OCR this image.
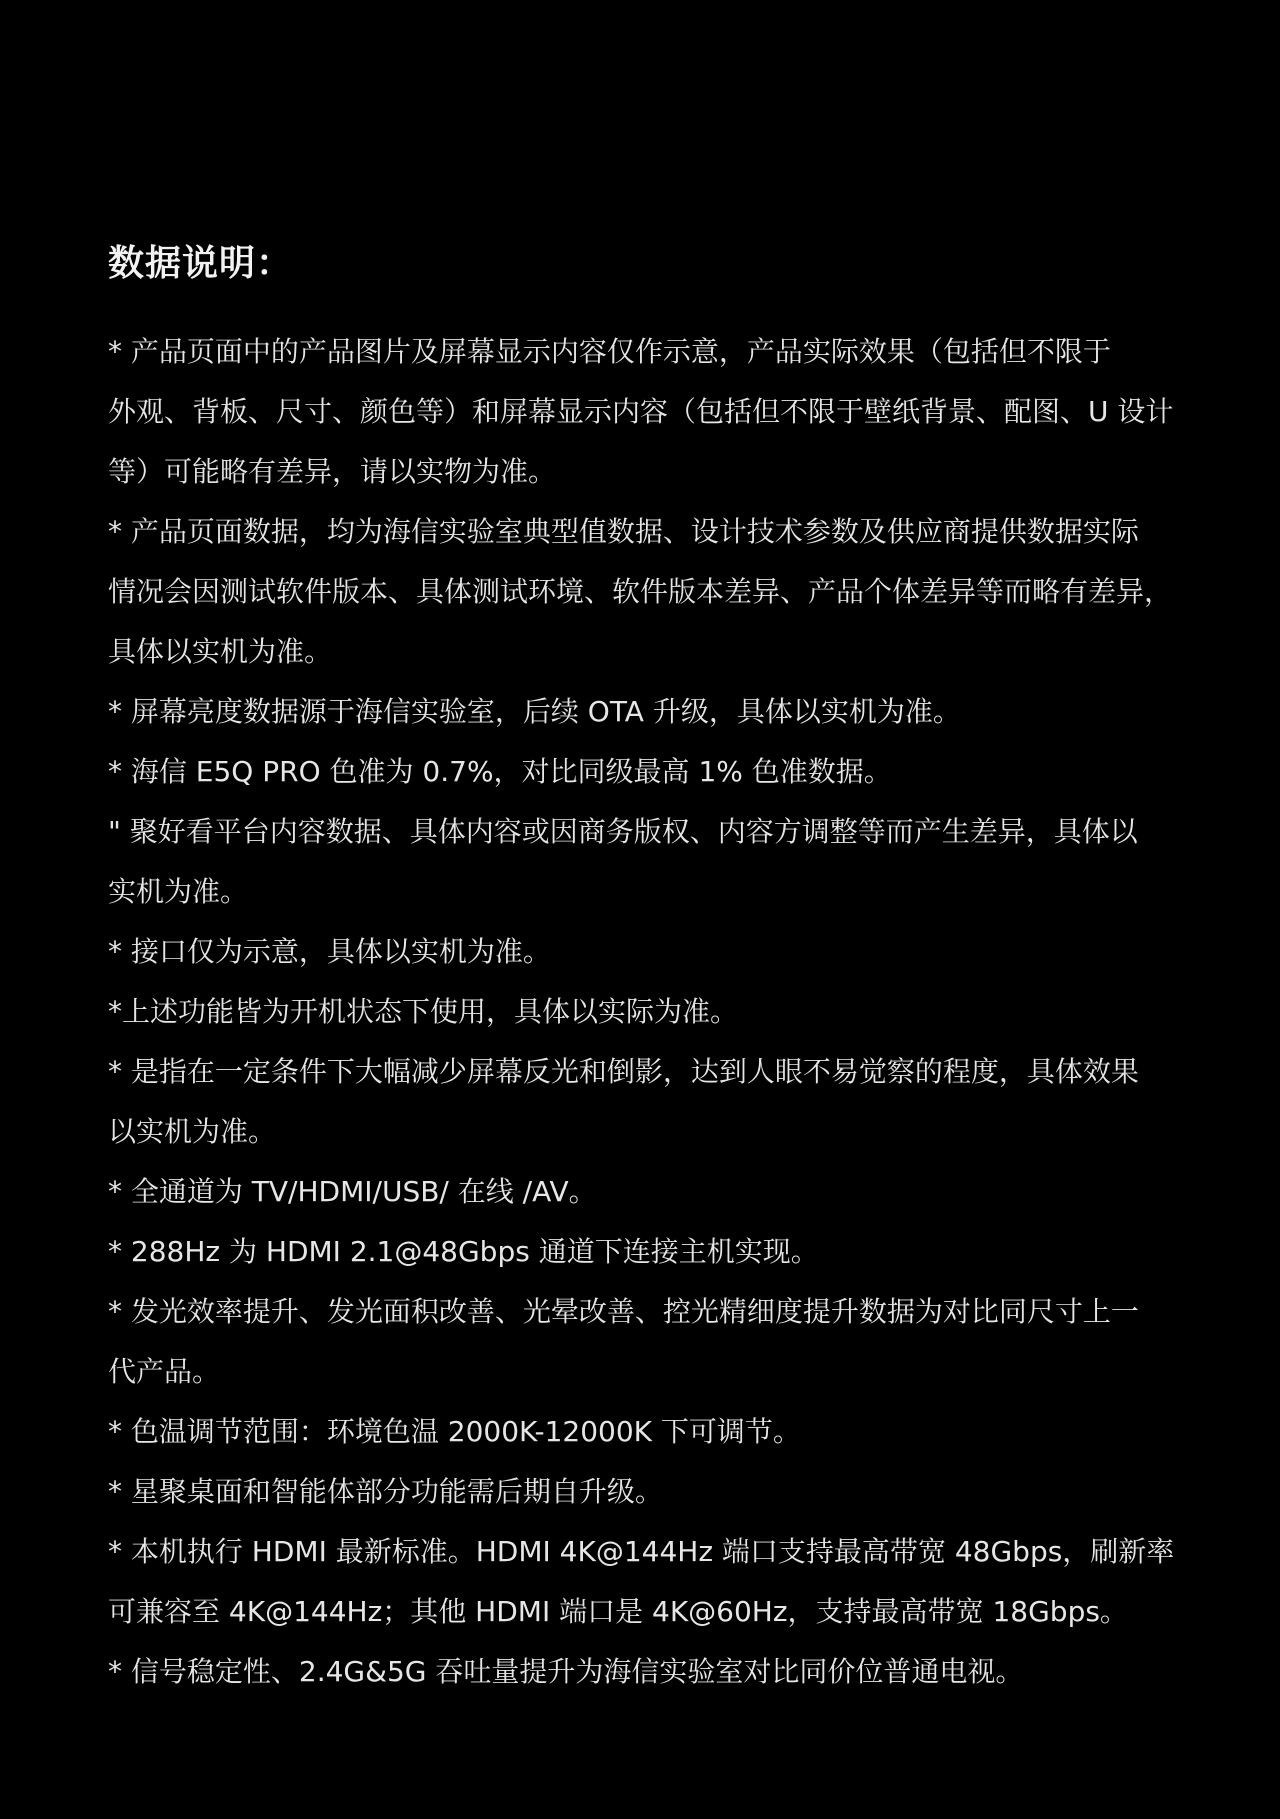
数据说明：
* 产品页面中的产品图片及屏幕显示内容仅作示意，产品实际效果（包括但不限于
外观、背板、尺寸、颜色等）和屏幕显示内容（包括但不限于壁纸背景、配图、U 设计
等）可能略有差异，请以实物为准。
* 产品页面数据，均为海信实验室典型值数据、设计技术参数及供应商提供数据实际
情况会因测试软件版本、具体测试环境、软件版本差异、产品个体差异等而略有差异，
具体以实机为准。
* 屏幕亮度数据源于海信实验室，后续 OTA 升级，具体以实机为准。
* 海信 E5Q PRO 色准为 0.7%，对比同级最高 1% 色准数据。
" 聚好看平台内容数据、具体内容或因商务版权、内容方调整等而产生差异，具体以
实机为准。
* 接口仅为示意，具体以实机为准。
*上述功能皆为开机状态下使用，具体以实际为准。
* 是指在一定条件下大幅减少屏幕反光和倒影，达到人眼不易觉察的程度，具体效果
以实机为准。
* 全通道为 TV/HDMI/USB/ 在线 /AV。
* 288Hz 为 HDMI 2.1@48Gbps 通道下连接主机实现。
* 发光效率提升、发光面积改善、光晕改善、控光精细度提升数据为对比同尺寸上一
代产品。
* 色温调节范围：环境色温 2000K-12000K 下可调节。
* 星聚桌面和智能体部分功能需后期自升级。
* 本机执行 HDMI 最新标准。HDMI 4K@144Hz 端口支持最高带宽 48Gbps，刷新率
可兼容至 4K@144Hz；其他 HDMI 端口是 4K@60Hz，支持最高带宽 18Gbps。
* 信号稳定性、2.4G&5G 吞吐量提升为海信实验室对比同价位普通电视。
